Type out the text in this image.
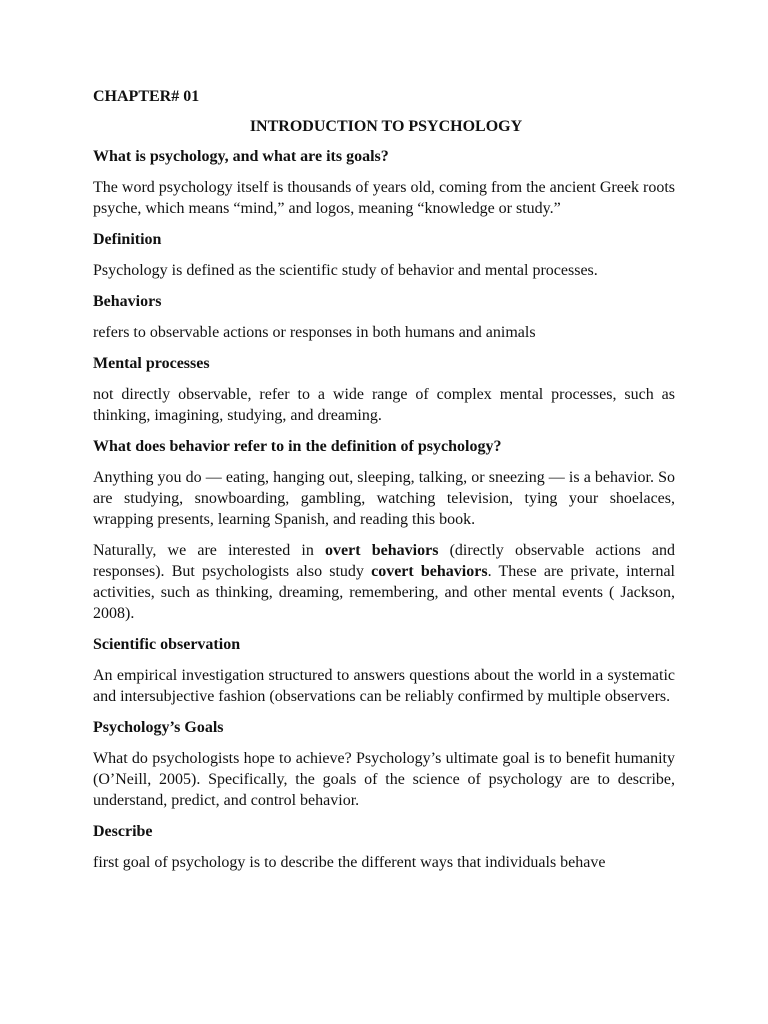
CHAPTER# 01
INTRODUCTION TO PSYCHOLOGY
What is psychology, and what are its goals?

The word psychology itself is thousands of years old, coming from the ancient Greek roots psyche, which means “mind,” and logos, meaning “knowledge or study.”

Definition

Psychology is defined as the scientific study of behavior and mental processes.

Behaviors

refers to observable actions or responses in both humans and animals

Mental processes

not directly observable, refer to a wide range of complex mental processes, such as thinking, imagining, studying, and dreaming.

What does behavior refer to in the definition of psychology?

Anything you do — eating, hanging out, sleeping, talking, or sneezing — is a behavior. So are studying, snowboarding, gambling, watching television, tying your shoelaces, wrapping presents, learning Spanish, and reading this book.

Naturally, we are interested in overt behaviors (directly observable actions and responses). But psychologists also study covert behaviors. These are private, internal activities, such as thinking, dreaming, remembering, and other mental events ( Jackson, 2008).

Scientific observation

An empirical investigation structured to answers questions about the world in a systematic and intersubjective fashion (observations can be reliably confirmed by multiple observers.

Psychology’s Goals

What do psychologists hope to achieve? Psychology’s ultimate goal is to benefit humanity (O’Neill, 2005). Specifically, the goals of the science of psychology are to describe, understand, predict, and control behavior.

Describe

first goal of psychology is to describe the different ways that individuals behave
